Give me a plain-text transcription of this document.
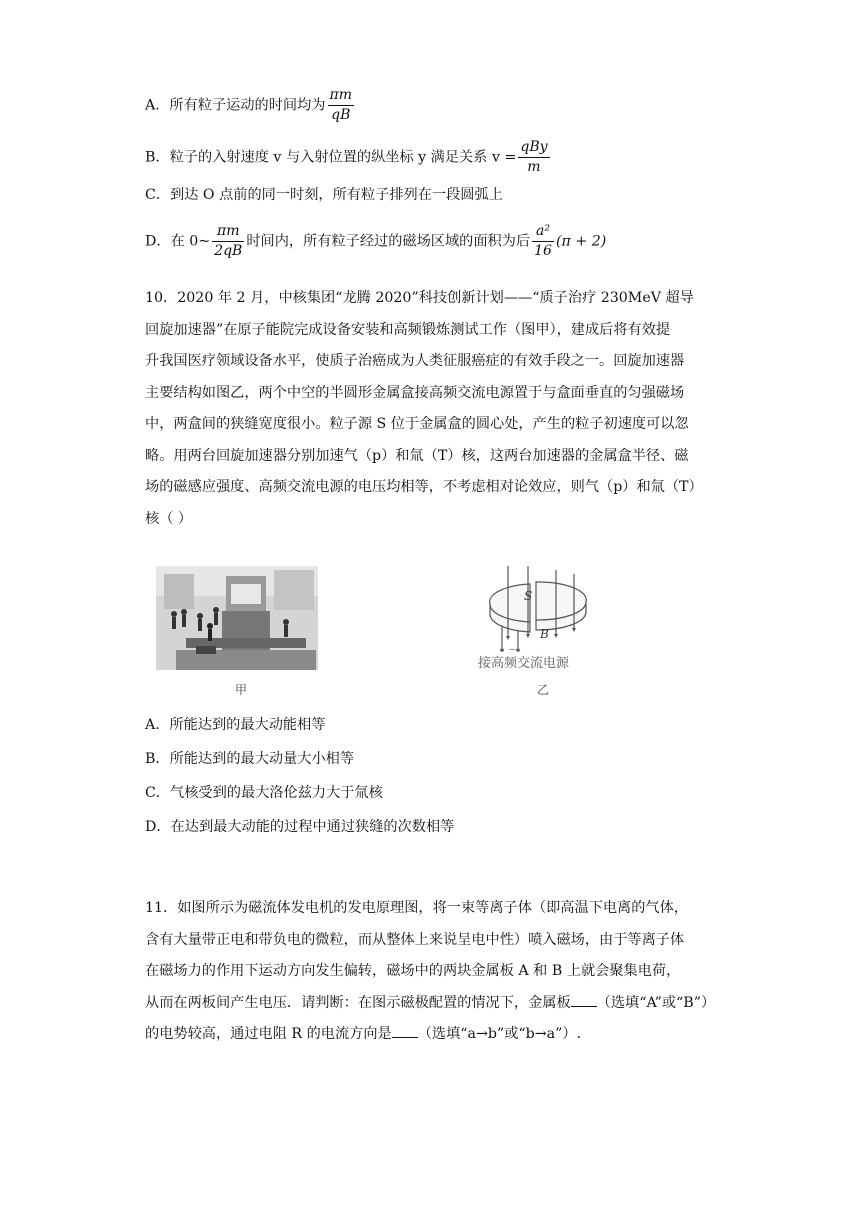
A．所有粒子运动的时间均为 $\frac{\pi m}{qB}$
B．粒子的入射速度 v 与入射位置的纵坐标 y 满足关系 $v = \frac{\text{qBy}}{m}$
C．到达 O 点前的同一时刻，所有粒子排列在一段圆弧上
D．在 0~ $\frac{\pi m}{2qB}$ 时间内，所有粒子经过的磁场区域的面积为后 $\frac{\text{a²}}{16} (\pi + 2)$
10．2020 年 2 月，中核集团“龙腾 2020”科技创新计划——“质子治疗 230MeV 超导
回旋加速器”在原子能院完成设备安装和高频锻炼测试工作（图甲），建成后将有效提
升我国医疗领域设备水平，使质子治癌成为人类征服癌症的有效手段之一。回旋加速器
主要结构如图乙，两个中空的半圆形金属盒接高频交流电源置于与盒面垂直的匀强磁场
中，两盒间的狭缝宽度很小。粒子源 S 位于金属盒的圆心处，产生的粒子初速度可以忽
略。用两台回旋加速器分别加速气（p）和氚（T）核，这两台加速器的金属盒半径、磁
场的磁感应强度、高频交流电源的电压均相等，不考虑相对论效应，则气（p）和氚（T）
核（ ）
甲
~
S
B
接高频交流电源
乙
A．所能达到的最大动能相等
B．所能达到的最大动量大小相等
C．气核受到的最大洛伦兹力大于氚核
D．在达到最大动能的过程中通过狭缝的次数相等
11．如图所示为磁流体发电机的发电原理图，将一束等离子体（即高温下电离的气体，
含有大量带正电和带负电的微粒，而从整体上来说呈电中性）喷入磁场，由于等离子体
在磁场力的作用下运动方向发生偏转，磁场中的两块金属板 A 和 B 上就会聚集电荷，
从而在两板间产生电压．请判断：在图示磁极配置的情况下，金属板 （选填“A”或“B”）
的电势较高，通过电阻 R 的电流方向是 （选填“a→b”或“b→a”）.
